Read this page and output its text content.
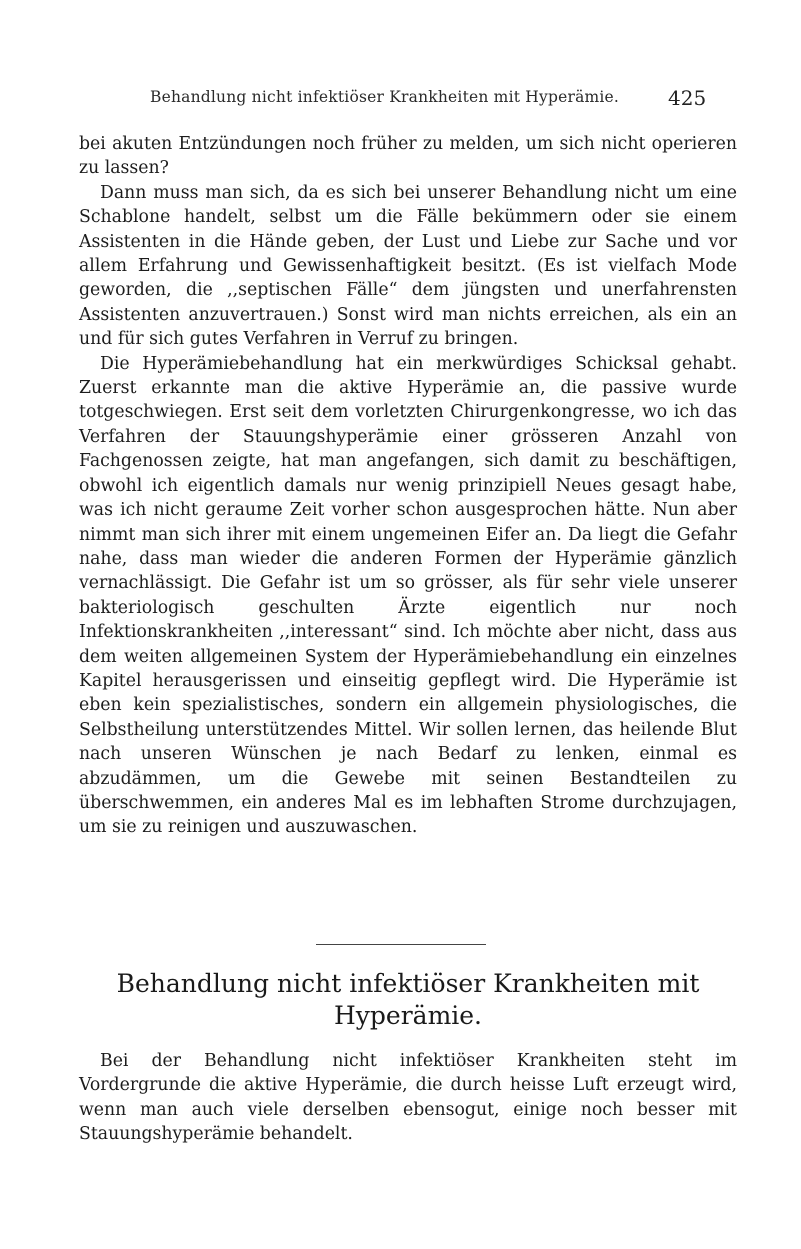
Behandlung nicht infektiöser Krankheiten mit Hyperämie. 425

bei akuten Entzündungen noch früher zu melden, um sich nicht operieren zu lassen?

Dann muss man sich, da es sich bei unserer Behandlung nicht um eine Schablone handelt, selbst um die Fälle bekümmern oder sie einem Assistenten in die Hände geben, der Lust und Liebe zur Sache und vor allem Erfahrung und Gewissenhaftigkeit besitzt. (Es ist vielfach Mode geworden, die ,,septischen Fälle“ dem jüngsten und unerfahrensten Assistenten anzuvertrauen.) Sonst wird man nichts erreichen, als ein an und für sich gutes Verfahren in Verruf zu bringen.

Die Hyperämiebehandlung hat ein merkwürdiges Schicksal gehabt. Zuerst erkannte man die aktive Hyperämie an, die passive wurde totgeschwiegen. Erst seit dem vorletzten Chirurgenkongresse, wo ich das Verfahren der Stauungshyperämie einer grösseren Anzahl von Fachgenossen zeigte, hat man angefangen, sich damit zu beschäftigen, obwohl ich eigentlich damals nur wenig prinzipiell Neues gesagt habe, was ich nicht geraume Zeit vorher schon ausgesprochen hätte. Nun aber nimmt man sich ihrer mit einem ungemeinen Eifer an. Da liegt die Gefahr nahe, dass man wieder die anderen Formen der Hyperämie gänzlich vernachlässigt. Die Gefahr ist um so grösser, als für sehr viele unserer bakteriologisch geschulten Ärzte eigentlich nur noch Infektionskrankheiten ,,interessant“ sind. Ich möchte aber nicht, dass aus dem weiten allgemeinen System der Hyperämiebehandlung ein einzelnes Kapitel herausgerissen und einseitig gepflegt wird. Die Hyperämie ist eben kein spezialistisches, sondern ein allgemein physiologisches, die Selbstheilung unterstützendes Mittel. Wir sollen lernen, das heilende Blut nach unseren Wünschen je nach Bedarf zu lenken, einmal es abzudämmen, um die Gewebe mit seinen Bestandteilen zu überschwemmen, ein anderes Mal es im lebhaften Strome durchzujagen, um sie zu reinigen und auszuwaschen.

Behandlung nicht infektiöser Krankheiten mit Hyperämie.

Bei der Behandlung nicht infektiöser Krankheiten steht im Vordergrunde die aktive Hyperämie, die durch heisse Luft erzeugt wird, wenn man auch viele derselben ebensogut, einige noch besser mit Stauungshyperämie behandelt.
